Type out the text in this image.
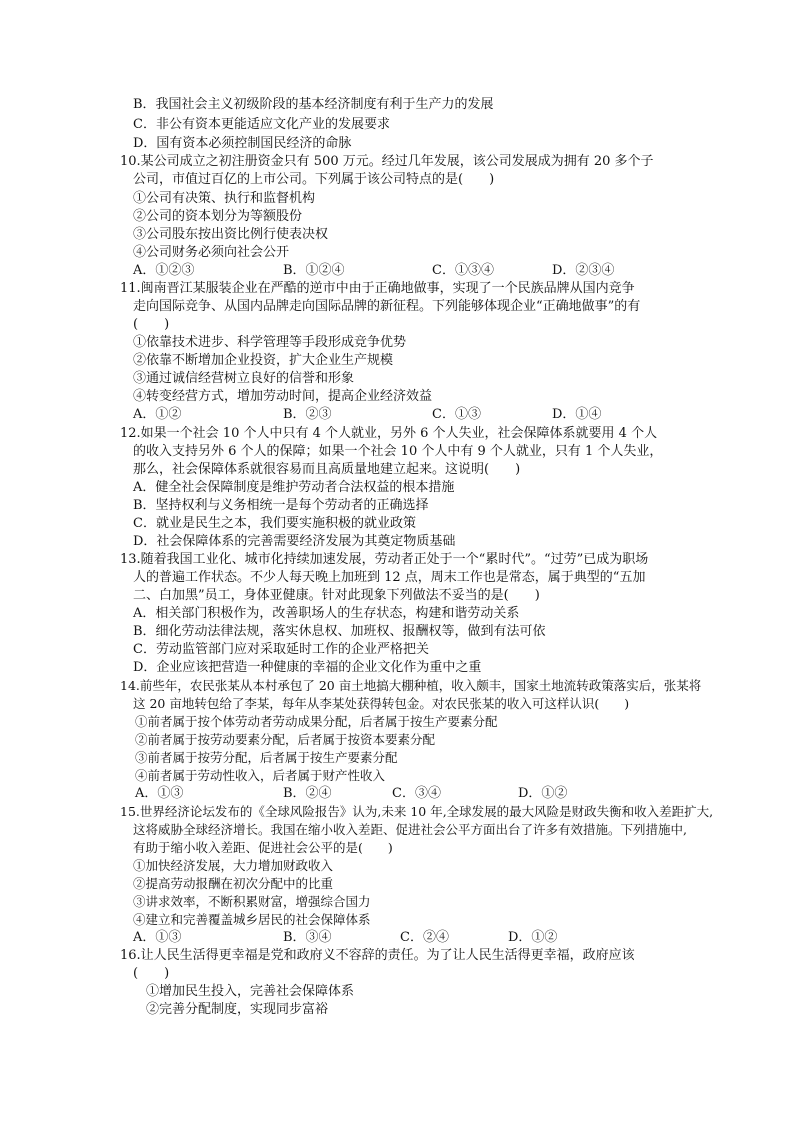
B．我国社会主义初级阶段的基本经济制度有利于生产力的发展
C．非公有资本更能适应文化产业的发展要求
D．国有资本必须控制国民经济的命脉
10.某公司成立之初注册资金只有 500 万元。经过几年发展，该公司发展成为拥有 20 多个子
公司，市值过百亿的上市公司。下列属于该公司特点的是(　　)
①公司有决策、执行和监督机构
②公司的资本划分为等额股份
③公司股东按出资比例行使表决权
④公司财务必须向社会公开
A．①②③	B．①②④	C．①③④	D．②③④
11.闽南晋江某服装企业在严酷的逆市中由于正确地做事，实现了一个民族品牌从国内竞争
走向国际竞争、从国内品牌走向国际品牌的新征程。下列能够体现企业“正确地做事”的有
(　　)
①依靠技术进步、科学管理等手段形成竞争优势
②依靠不断增加企业投资，扩大企业生产规模
③通过诚信经营树立良好的信誉和形象
④转变经营方式，增加劳动时间，提高企业经济效益
A．①②	B．②③	C．①③	D．①④
12.如果一个社会 10 个人中只有 4 个人就业，另外 6 个人失业，社会保障体系就要用 4 个人
的收入支持另外 6 个人的保障；如果一个社会 10 个人中有 9 个人就业，只有 1 个人失业，
那么，社会保障体系就很容易而且高质量地建立起来。这说明(　　)
A．健全社会保障制度是维护劳动者合法权益的根本措施
B．坚持权利与义务相统一是每个劳动者的正确选择
C．就业是民生之本，我们要实施积极的就业政策
D．社会保障体系的完善需要经济发展为其奠定物质基础
13.随着我国工业化、城市化持续加速发展，劳动者正处于一个“累时代”。“过劳”已成为职场
人的普遍工作状态。不少人每天晚上加班到 12 点，周末工作也是常态，属于典型的“五加
二、白加黑”员工，身体亚健康。针对此现象下列做法不妥当的是(　　)
A．相关部门积极作为，改善职场人的生存状态，构建和谐劳动关系
B．细化劳动法律法规，落实休息权、加班权、报酬权等，做到有法可依
C．劳动监管部门应对采取延时工作的企业严格把关
D．企业应该把营造一种健康的幸福的企业文化作为重中之重
14.前些年，农民张某从本村承包了 20 亩土地搞大棚种植，收入颇丰，国家土地流转政策落实后，张某将
这 20 亩地转包给了李某，每年从李某处获得转包金。对农民张某的收入可这样认识(　　)
①前者属于按个体劳动者劳动成果分配，后者属于按生产要素分配
②前者属于按劳动要素分配，后者属于按资本要素分配
③前者属于按劳分配，后者属于按生产要素分配
④前者属于劳动性收入，后者属于财产性收入
A．①③	B．②④	C．③④	D．①②
15.世界经济论坛发布的《全球风险报告》认为,未来 10 年,全球发展的最大风险是财政失衡和收入差距扩大,
这将威胁全球经济增长。我国在缩小收入差距、促进社会公平方面出台了许多有效措施。下列措施中,
有助于缩小收入差距、促进社会公平的是(　　)
①加快经济发展，大力增加财政收入
②提高劳动报酬在初次分配中的比重
③讲求效率，不断积累财富，增强综合国力
④建立和完善覆盖城乡居民的社会保障体系
A．①③	B．③④	C．②④	D．①②
16.让人民生活得更幸福是党和政府义不容辞的责任。为了让人民生活得更幸福，政府应该
(　　)
①增加民生投入，完善社会保障体系
②完善分配制度，实现同步富裕
